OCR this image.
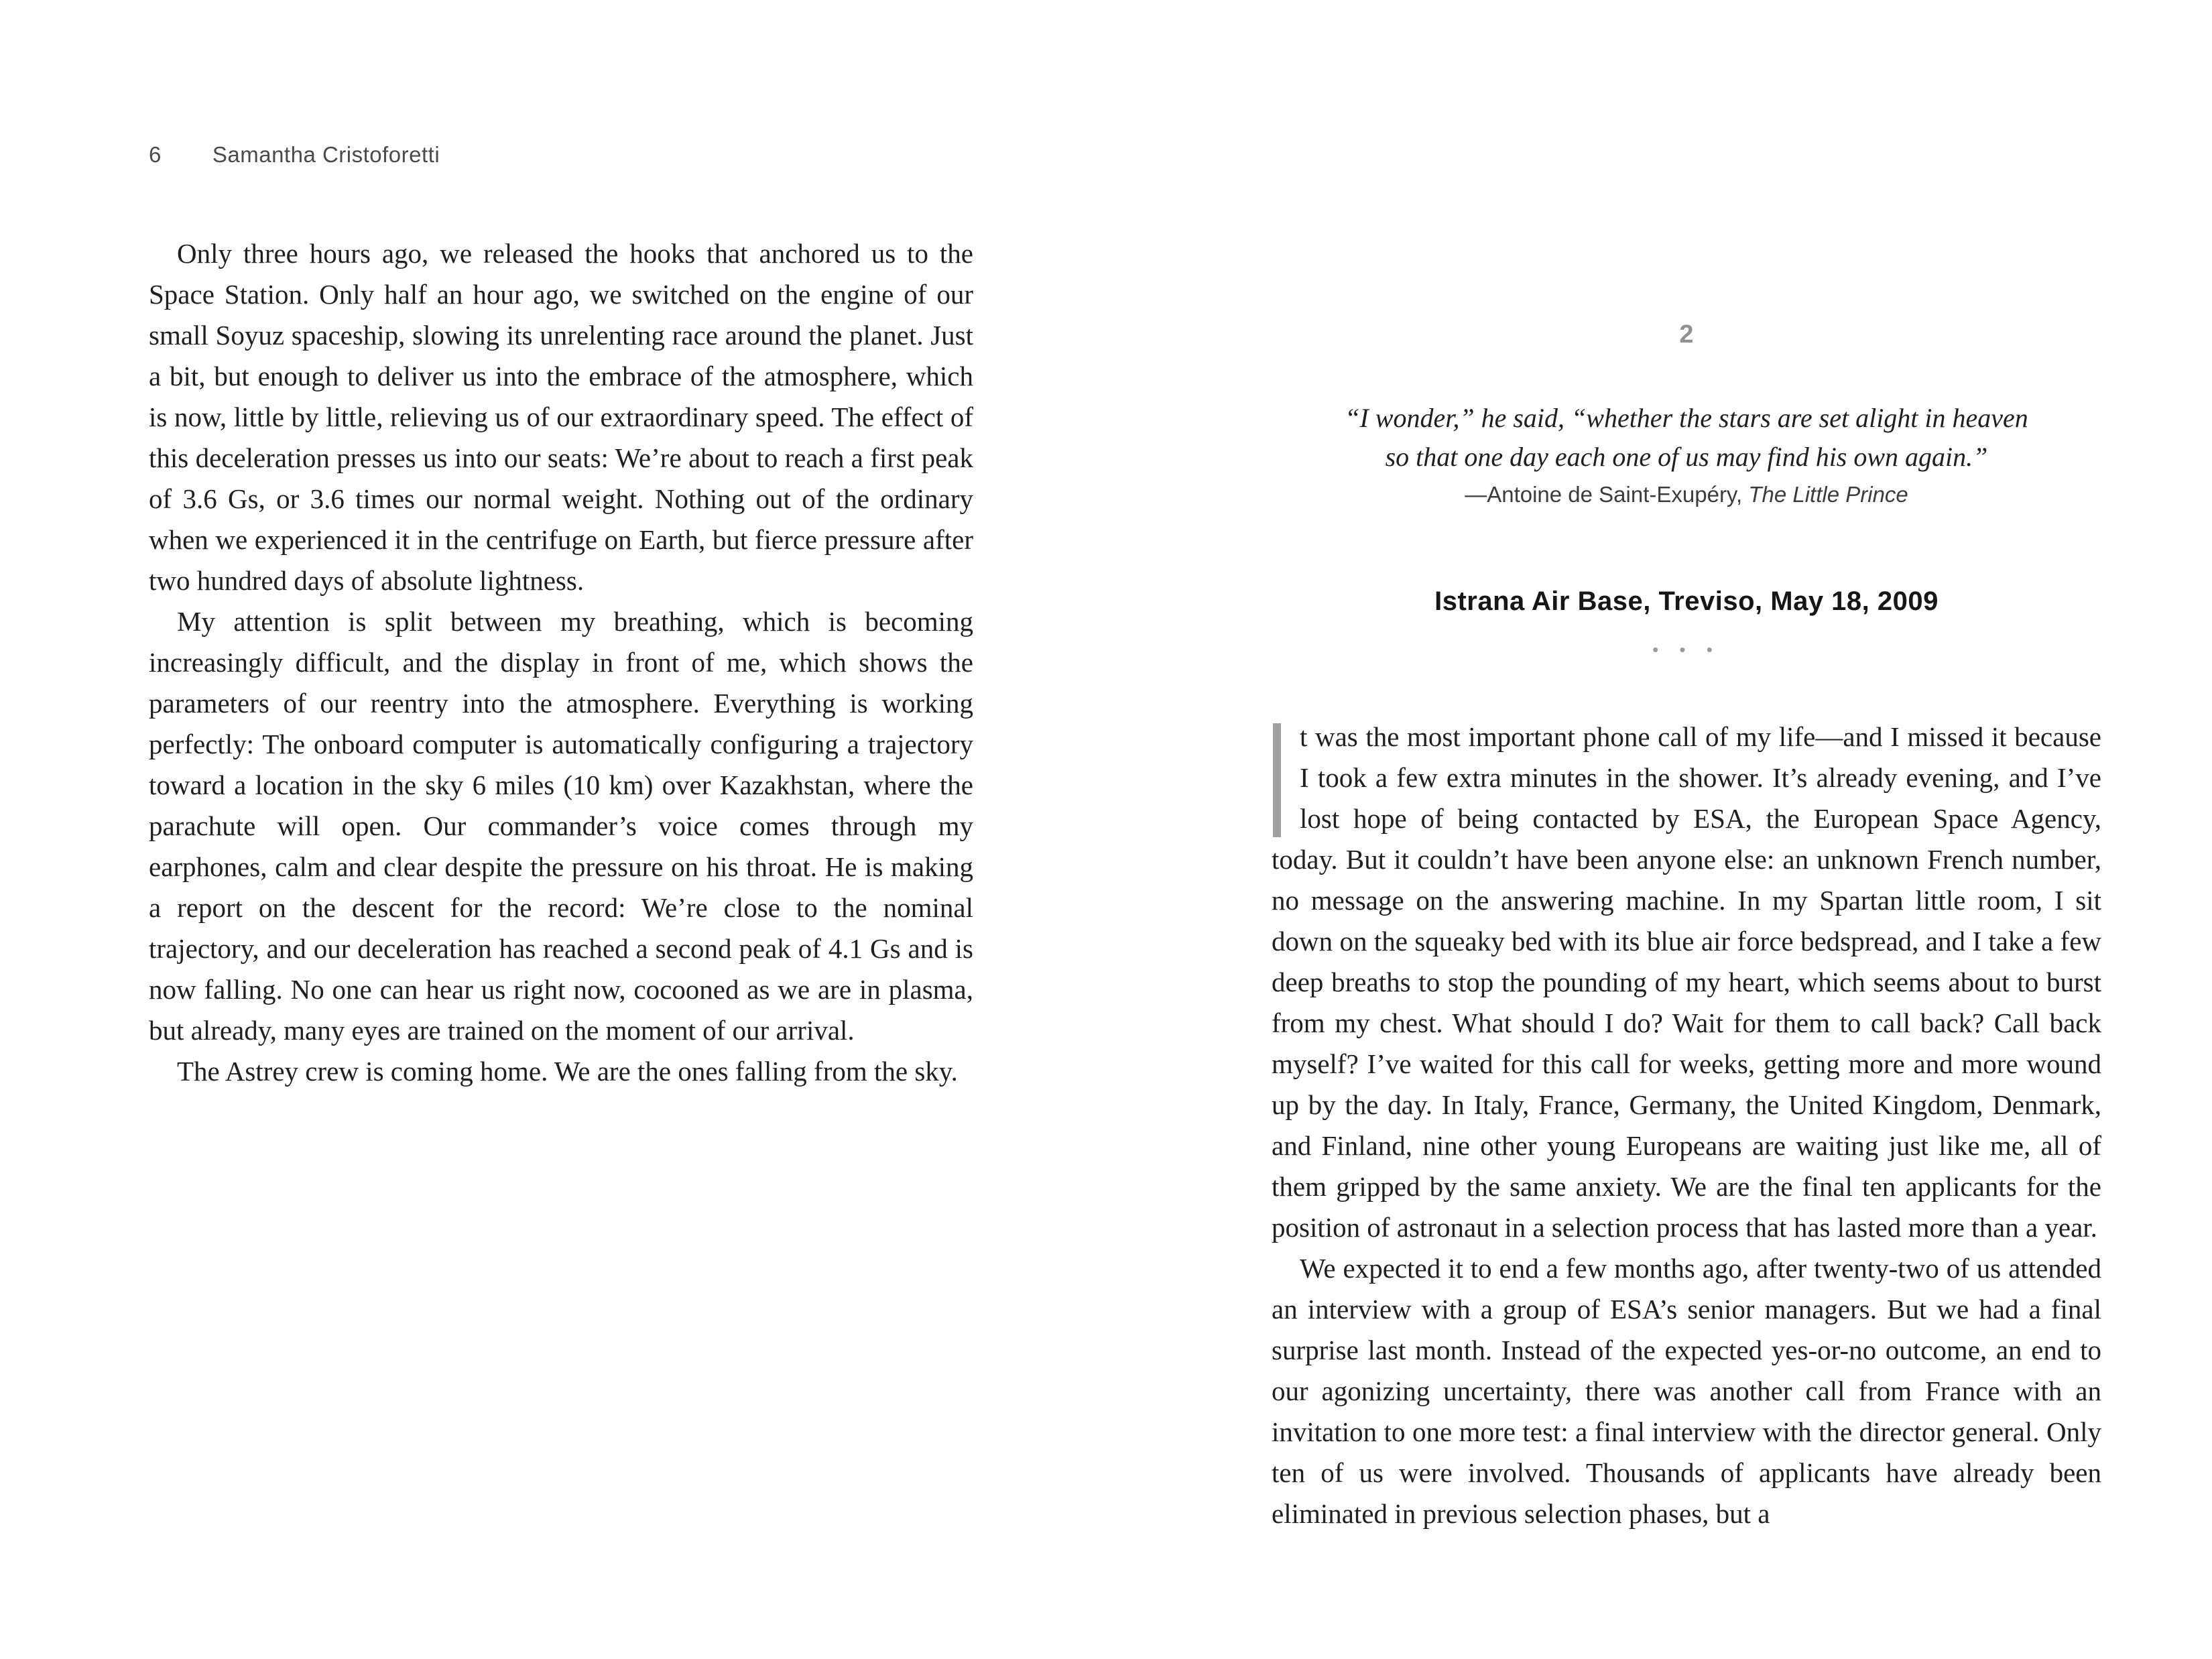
6 Samantha Cristoforetti

Only three hours ago, we released the hooks that anchored us to the Space Station. Only half an hour ago, we switched on the engine of our small Soyuz spaceship, slowing its unrelenting race around the planet. Just a bit, but enough to deliver us into the embrace of the atmosphere, which is now, little by little, relieving us of our extraordinary speed. The effect of this deceleration presses us into our seats: We’re about to reach a first peak of 3.6 Gs, or 3.6 times our normal weight. Nothing out of the ordinary when we experienced it in the centrifuge on Earth, but fierce pressure after two hundred days of absolute lightness.

My attention is split between my breathing, which is becoming increasingly difficult, and the display in front of me, which shows the parameters of our reentry into the atmosphere. Everything is working perfectly: The onboard computer is automatically configuring a trajectory toward a location in the sky 6 miles (10 km) over Kazakhstan, where the parachute will open. Our commander’s voice comes through my earphones, calm and clear despite the pressure on his throat. He is making a report on the descent for the record: We’re close to the nominal trajectory, and our deceleration has reached a second peak of 4.1 Gs and is now falling. No one can hear us right now, cocooned as we are in plasma, but already, many eyes are trained on the moment of our arrival.

The Astrey crew is coming home. We are the ones falling from the sky.

2
“I wonder,” he said, “whether the stars are set alight in heaven
so that one day each one of us may find his own again.”
—Antoine de Saint-Exupéry, The Little Prince
Istrana Air Base, Treviso, May 18, 2009
• • •

t was the most important phone call of my life—and I missed it because I took a few extra minutes in the shower. It’s already evening, and I’ve lost hope of being contacted by ESA, the European Space Agency, today. But it couldn’t have been anyone else: an unknown French number, no message on the answering machine. In my Spartan little room, I sit down on the squeaky bed with its blue air force bedspread, and I take a few deep breaths to stop the pounding of my heart, which seems about to burst from my chest. What should I do? Wait for them to call back? Call back myself? I’ve waited for this call for weeks, getting more and more wound up by the day. In Italy, France, Germany, the United Kingdom, Denmark, and Finland, nine other young Europeans are waiting just like me, all of them gripped by the same anxiety. We are the final ten applicants for the position of astronaut in a selection process that has lasted more than a year.

We expected it to end a few months ago, after twenty-two of us attended an interview with a group of ESA’s senior managers. But we had a final surprise last month. Instead of the expected yes-or-no outcome, an end to our agonizing uncertainty, there was another call from France with an invitation to one more test: a final interview with the director general. Only ten of us were involved. Thousands of applicants have already been eliminated in previous selection phases, but a
